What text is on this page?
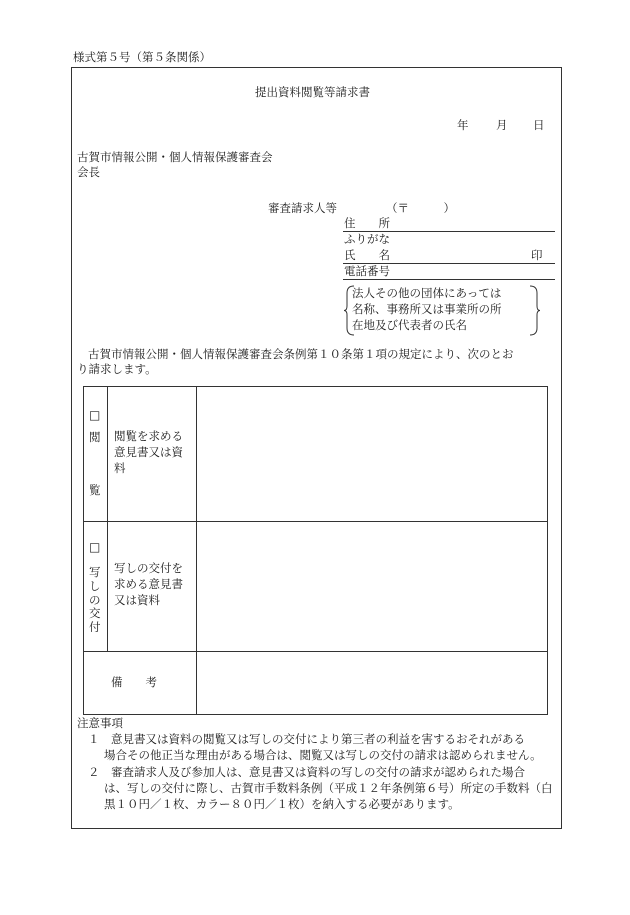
様式第５号（第５条関係）
提出資料閲覧等請求書
年 月 日
古賀市情報公開・個人情報保護審査会
会長
審査請求人等	（〒　　　）
住　　所
ふりがな
氏　　名	印
電話番号
法人その他の団体にあっては
名称、事務所又は事業所の所
在地及び代表者の氏名
古賀市情報公開・個人情報保護審査会条例第１０条第１項の規定により、次のとお
り請求します。
□
閲
覧
閲覧を求める
意見書又は資
料
□
写
し
の
交
付
写しの交付を
求める意見書
又は資料
備　　考
注意事項
１　意見書又は資料の閲覧又は写しの交付により第三者の利益を害するおそれがある
場合その他正当な理由がある場合は、閲覧又は写しの交付の請求は認められません。
２　審査請求人及び参加人は、意見書又は資料の写しの交付の請求が認められた場合
は、写しの交付に際し、古賀市手数料条例（平成１２年条例第６号）所定の手数料（白
黒１０円／１枚、カラー８０円／１枚）を納入する必要があります。
